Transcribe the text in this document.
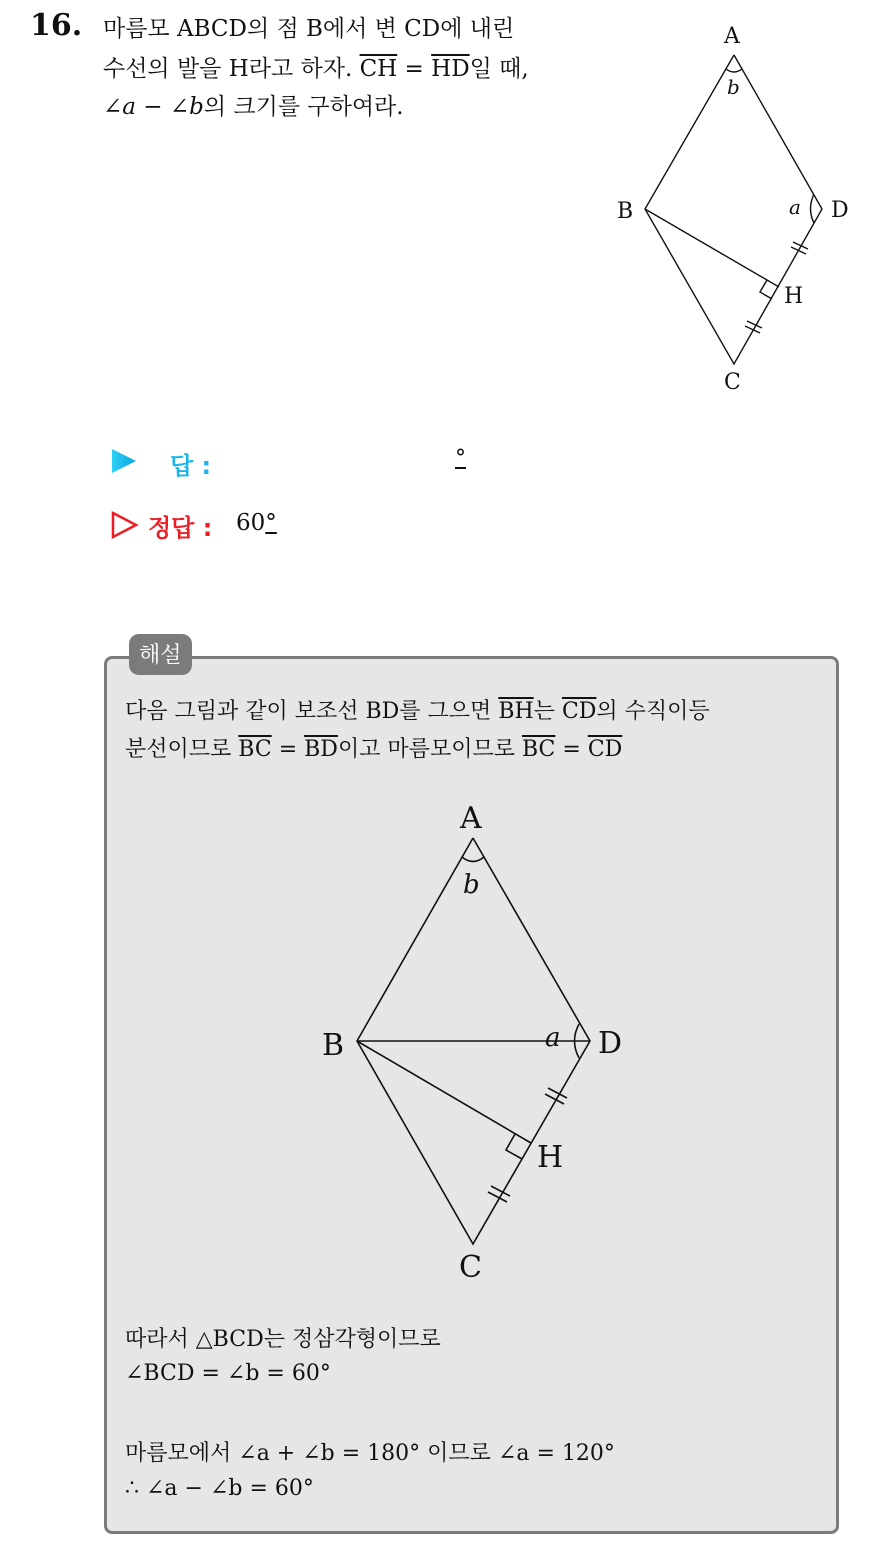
16. 마름모 ABCD의 점 B에서 변 CD에 내린
수선의 발을 H라고 하자. $\overline{CH} = \overline{HD}$일 때,
∠a − ∠b의 크기를 구하여라.
A
B
C
D
H
b
a
답 :	°
정답 : 60°
해설
다음 그림과 같이 보조선 BD를 그으면 $\overline{BH}$는 $\overline{CD}$의 수직이등
분선이므로 $\overline{BC} = \overline{BD}$이고 마름모이므로 $\overline{BC} = \overline{CD}$
A
B
C
D
H
b
a
따라서 △BCD는 정삼각형이므로
∠BCD = ∠b = 60°
마름모에서 ∠a + ∠b = 180° 이므로 ∠a = 120°
∴ ∠a − ∠b = 60°
